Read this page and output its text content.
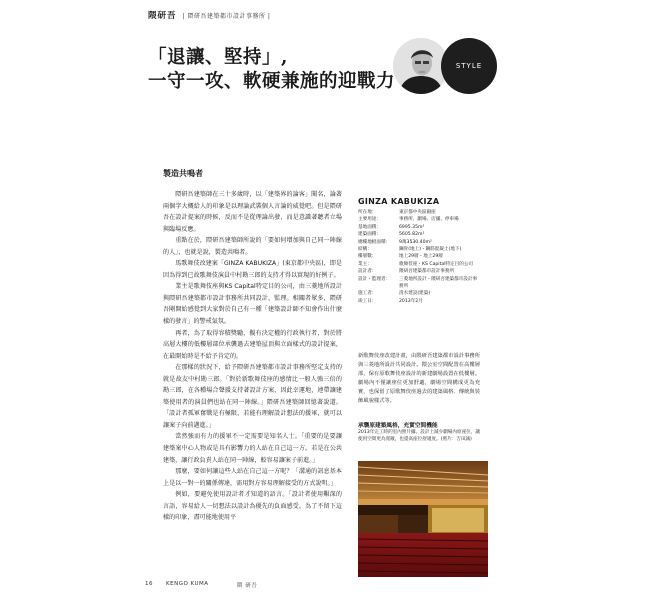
隈研吾 | 隈研吾建築都市設計事務所 |
「退讓、堅持」,
一守一攻、軟硬兼施的迎戰力
STYLE
製造共鳴者

隈研吾建築師在三十多歲時，以「建築界的論客」聞名，論著兩個字大概給人的印象是以理論武裝個人言論的威覺吧。但是隈研吾在設計提案的時候，反而不是從理論出發，而是意識著聽者立場與臨場反應。

重點在於，隈研吾建築師所說的「要如何增加與自己同一陣線的人」，也就是說，製造共鳴者。

馬歌舞伎改建案「GINZA KABUKIZA」(東京都中央區)，即是因為得到已故歌舞伎演員中村勘三郎的支持才得以實現的好例子。

業主是歌舞伎座與KS Capital特定目的公司，由三菱地所設計與隈研吾建築都市設計事務所共同設計、監理。相關者眾多，隈研吾剛開始感覺到大家對於自己有一種「建築設計師不知會作出什麼樣的發言」的警戒氣氛。

再者，為了取得容積獎勵，擬有決定權的行政執行者，對於將高層大樓的低樓層部位承襲過去建築屋頂與立面樣式的設計提案，在最開始時是不給予肯定的。

在那樣的狀況下，給予隈研吾建築都市設計事務所堅定支持的就是故友中村勘三郎。「對於新歌舞伎座的感情比一般人強三倍的勘三郎，在各種場合聲援支持著設計方案，因此幸運地，連帶讓建築使用者的演員們也站在同一陣線。」隈研吾建築師回憶著說道。「設計者孤軍奮戰是有極限，若能有理解設計想法的援軍，就可以讓案子向前邁進。」

當然強而有力的援軍不一定需要是知名人士。「重要的是要讓建築案中心人物或是具有影響力的人站在自己這一方。若是在公共建築，讓行政負責人站在同一陣線，較容易讓案子前進。」

那麼，要如何讓這些人站在自己這一方呢？「溝通的訊息基本上是以一對一的關係傳達，需用對方容易理解接受的方式說明。」

例如，要避免使用設計者才知道的語言。「設計者使用艱深的言語，容易給人一切想法以設計為優先的負面感受。為了不留下這樣的印象，盡可能地使用平

GINZA KABUKIZA
所在地：	東京都中央區銀座
主要用途：	事務所、劇場、店舖、停車場
基地面積：	6995.35m²
建築面積：	5605.82m²
總樓地板面積：	9萬3530.40m²
結構：	鋼骨(地上)・鋼筋混凝土(地下)
樓層數：	地上29層・地上29層
業主：	歌舞伎座・KS Capital特定目的公司
設計者：	隈研吾建築都市設計事務所
設計・監理者：	三菱地所設計・隈研吾建築都市設計事務所
施工者：	清水建設(建築)
竣工日：	2013年2月
新歌舞伎座改建計畫，由隈研吾建築都市設計事務所與三菱地所設計共同設計。隈公室空間配置在高樓層部，保有原歌舞伎座設計的新建劇場設置在低樓層。劇場內不僅讓座位更加舒適，劇場空間構成更為充實，也保留了原歌舞伎座過去的建築風格、傳統與裝飾風貌樣式等。
承襲原建築風格，充實空間機能
2013年完工時的室內照片攝。設計上減少劇場內原座位，讓使用空間更為寬敞，也提高座位舒適度。(照片：吉田誠)
16 KENGO KUMA	隈 研吾
